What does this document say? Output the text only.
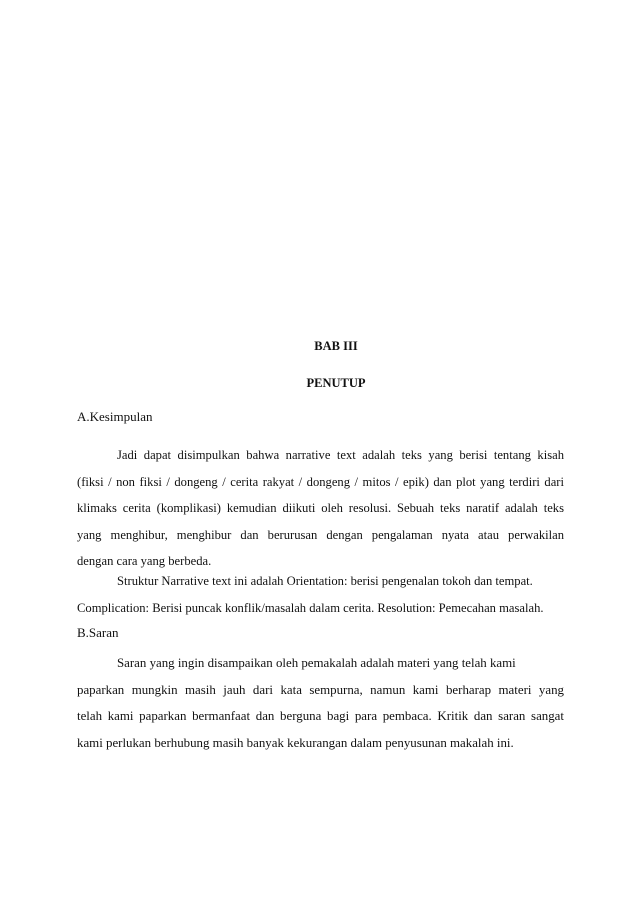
BAB III
PENUTUP
A.Kesimpulan

Jadi dapat disimpulkan bahwa narrative text adalah teks yang berisi tentang kisah
(fiksi / non fiksi / dongeng / cerita rakyat / dongeng / mitos / epik) dan plot yang terdiri dari
klimaks cerita (komplikasi) kemudian diikuti oleh resolusi. Sebuah teks naratif adalah teks
yang menghibur, menghibur dan berurusan dengan pengalaman nyata atau perwakilan
dengan cara yang berbeda.

Struktur Narrative text ini adalah Orientation: berisi pengenalan tokoh dan tempat.
Complication: Berisi puncak konflik/masalah dalam cerita. Resolution: Pemecahan masalah.

B.Saran

Saran yang ingin disampaikan oleh pemakalah adalah materi yang telah kami
paparkan mungkin masih jauh dari kata sempurna, namun kami berharap materi yang
telah kami paparkan bermanfaat dan berguna bagi para pembaca. Kritik dan saran sangat
kami perlukan berhubung masih banyak kekurangan dalam penyusunan makalah ini.
